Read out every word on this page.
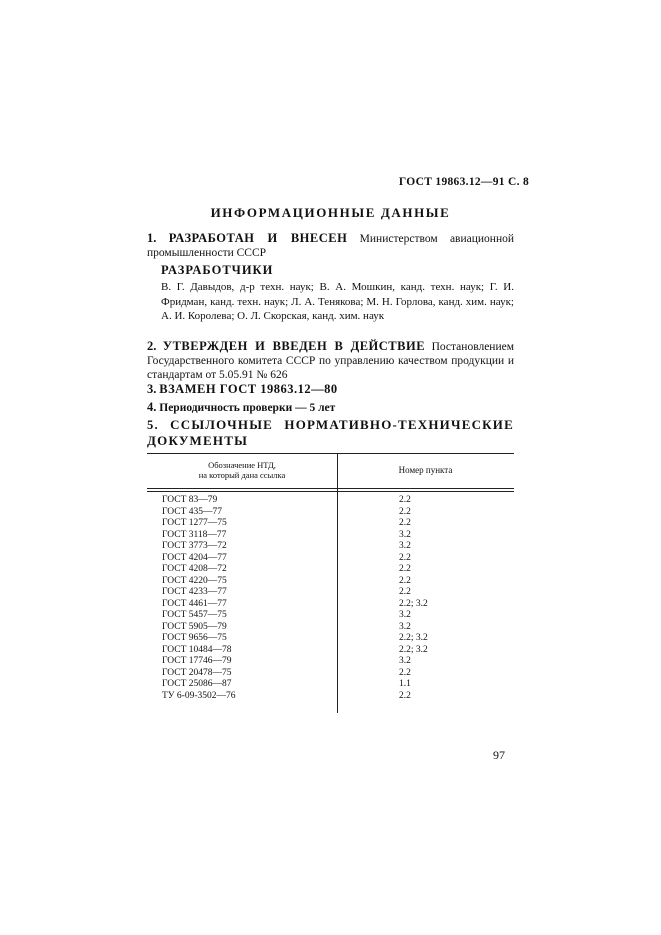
ГОСТ 19863.12—91 С. 8
ИНФОРМАЦИОННЫЕ ДАННЫЕ
1. РАЗРАБОТАН И ВНЕСЕН Министерством авиационной промышленности СССР
РАЗРАБОТЧИКИ
В. Г. Давыдов, д-р техн. наук; В. А. Мошкин, канд. техн. наук; Г. И. Фридман, канд. техн. наук; Л. А. Тенякова; М. Н. Горлова, канд. хим. наук; А. И. Королева; О. Л. Скорская, канд. хим. наук
2. УТВЕРЖДЕН И ВВЕДЕН В ДЕЙСТВИЕ Постановлением Государственного комитета СССР по управлению качеством продукции и стандартам от 5.05.91 № 626
3. ВЗАМЕН ГОСТ 19863.12—80
4. Периодичность проверки — 5 лет
5. ССЫЛОЧНЫЕ НОРМАТИВНО-ТЕХНИЧЕСКИЕ ДОКУМЕНТЫ
Обозначение НТД,
на который дана ссылка	Номер пункта
ГОСТ 83—79	2.2
ГОСТ 435—77	2.2
ГОСТ 1277—75	2.2
ГОСТ 3118—77	3.2
ГОСТ 3773—72	3.2
ГОСТ 4204—77	2.2
ГОСТ 4208—72	2.2
ГОСТ 4220—75	2.2
ГОСТ 4233—77	2.2
ГОСТ 4461—77	2.2; 3.2
ГОСТ 5457—75	3.2
ГОСТ 5905—79	3.2
ГОСТ 9656—75	2.2; 3.2
ГОСТ 10484—78	2.2; 3.2
ГОСТ 17746—79	3.2
ГОСТ 20478—75	2.2
ГОСТ 25086—87	1.1
ТУ 6-09-3502—76	2.2
97
